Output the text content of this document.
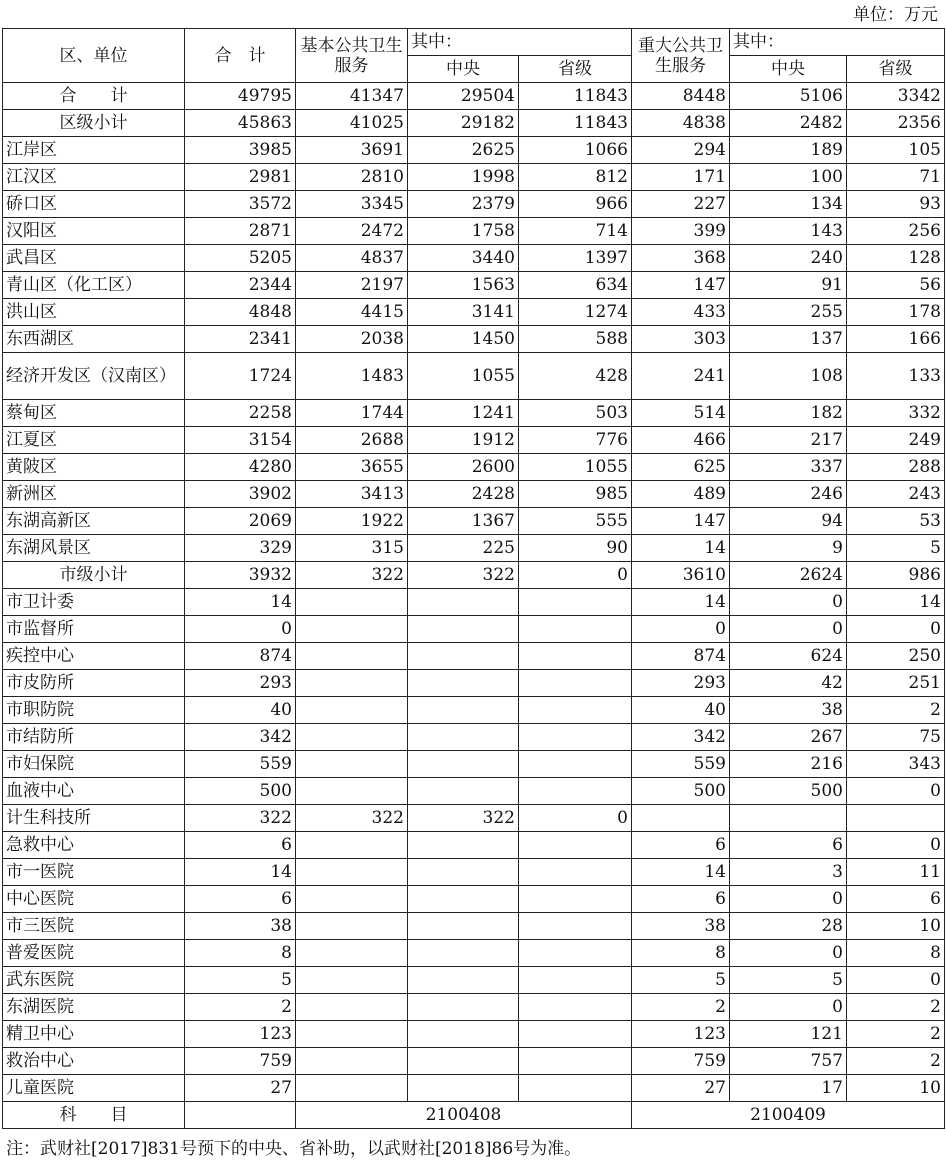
单位：万元
区、单位	合　计	基本公共卫生服务	其中：		重大公共卫生服务	其中：	
			中央	省级		中央	省级
合　　计	49795	41347	29504	11843	8448	5106	3342
区级小计	45863	41025	29182	11843	4838	2482	2356
江岸区	3985	3691	2625	1066	294	189	105
江汉区	2981	2810	1998	812	171	100	71
硚口区	3572	3345	2379	966	227	134	93
汉阳区	2871	2472	1758	714	399	143	256
武昌区	5205	4837	3440	1397	368	240	128
青山区（化工区）	2344	2197	1563	634	147	91	56
洪山区	4848	4415	3141	1274	433	255	178
东西湖区	2341	2038	1450	588	303	137	166
经济开发区（汉南区）	1724	1483	1055	428	241	108	133
蔡甸区	2258	1744	1241	503	514	182	332
江夏区	3154	2688	1912	776	466	217	249
黄陂区	4280	3655	2600	1055	625	337	288
新洲区	3902	3413	2428	985	489	246	243
东湖高新区	2069	1922	1367	555	147	94	53
东湖风景区	329	315	225	90	14	9	5
市级小计	3932	322	322	0	3610	2624	986
市卫计委	14				14	0	14
市监督所	0				0	0	0
疾控中心	874				874	624	250
市皮防所	293				293	42	251
市职防院	40				40	38	2
市结防所	342				342	267	75
市妇保院	559				559	216	343
血液中心	500				500	500	0
计生科技所	322	322	322	0			
急救中心	6				6	6	0
市一医院	14				14	3	11
中心医院	6				6	0	6
市三医院	38				38	28	10
普爱医院	8				8	0	8
武东医院	5				5	5	0
东湖医院	2				2	0	2
精卫中心	123				123	121	2
救治中心	759				759	757	2
儿童医院	27				27	17	10
科　　目		2100408			2100409		
注：武财社[2017]831号预下的中央、省补助，以武财社[2018]86号为准。
